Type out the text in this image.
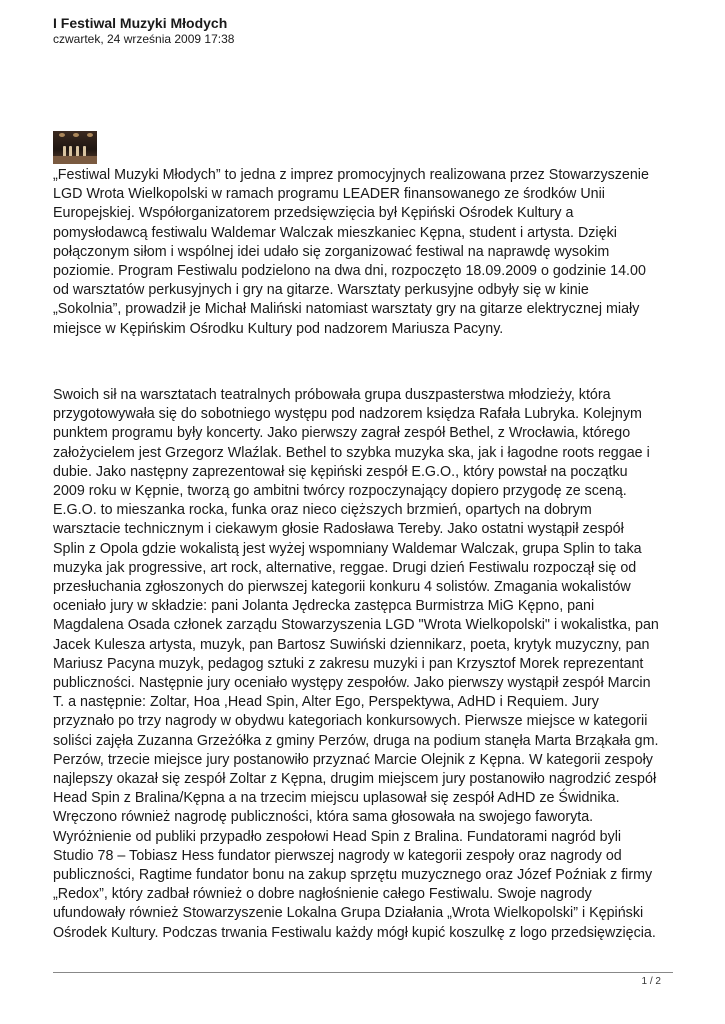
I Festiwal Muzyki Młodych

czwartek, 24 września 2009 17:38

„Festiwal Muzyki Młodych” to jedna z imprez promocyjnych realizowana przez Stowarzyszenie
LGD Wrota Wielkopolski w ramach programu LEADER finansowanego ze środków Unii
Europejskiej. Współorganizatorem przedsięwzięcia był Kępiński Ośrodek Kultury a
pomysłodawcą festiwalu Waldemar Walczak mieszkaniec Kępna, student i artysta. Dzięki
połączonym siłom i wspólnej idei udało się zorganizować festiwal na naprawdę wysokim
poziomie. Program Festiwalu podzielono na dwa dni, rozpoczęto 18.09.2009 o godzinie 14.00
od warsztatów perkusyjnych i gry na gitarze. Warsztaty perkusyjne odbyły się w kinie
„Sokolnia”, prowadził je Michał Maliński natomiast warsztaty gry na gitarze elektrycznej miały
miejsce w Kępińskim Ośrodku Kultury pod nadzorem Mariusza Pacyny.
Swoich sił na warsztatach teatralnych próbowała grupa duszpasterstwa młodzieży, która
przygotowywała się do sobotniego występu pod nadzorem księdza Rafała Lubryka. Kolejnym
punktem programu były koncerty. Jako pierwszy zagrał zespół Bethel, z Wrocławia, którego
założycielem jest Grzegorz Wlaźlak. Bethel to szybka muzyka ska, jak i łagodne roots reggae i
dubie. Jako następny zaprezentował się kępiński zespół E.G.O., który powstał na początku
2009 roku w Kępnie, tworzą go ambitni twórcy rozpoczynający dopiero przygodę ze sceną.
E.G.O. to mieszanka rocka, funka oraz nieco cięższych brzmień, opartych na dobrym
warsztacie technicznym i ciekawym głosie Radosława Tereby. Jako ostatni wystąpił zespół
Splin z Opola gdzie wokalistą jest wyżej wspomniany Waldemar Walczak, grupa Splin to taka
muzyka jak progressive, art rock, alternative, reggae. Drugi dzień Festiwalu rozpoczął się od
przesłuchania zgłoszonych do pierwszej kategorii konkuru 4 solistów. Zmagania wokalistów
oceniało jury w składzie: pani Jolanta Jędrecka zastępca Burmistrza MiG Kępno, pani
Magdalena Osada członek zarządu Stowarzyszenia LGD "Wrota Wielkopolski" i wokalistka, pan
Jacek Kulesza artysta, muzyk, pan Bartosz Suwiński dziennikarz, poeta, krytyk muzyczny, pan
Mariusz Pacyna muzyk, pedagog sztuki z zakresu muzyki i pan Krzysztof Morek reprezentant
publiczności. Następnie jury oceniało występy zespołów. Jako pierwszy wystąpił zespół Marcin
T. a następnie: Zoltar, Hoa ,Head Spin, Alter Ego, Perspektywa, AdHD i Requiem. Jury
przyznało po trzy nagrody w obydwu kategoriach konkursowych. Pierwsze miejsce w kategorii
soliści zajęła Zuzanna Grzeżółka z gminy Perzów, druga na podium stanęła Marta Brząkała gm.
Perzów, trzecie miejsce jury postanowiło przyznać Marcie Olejnik z Kępna. W kategorii zespoły
najlepszy okazał się zespół Zoltar z Kępna, drugim miejscem jury postanowiło nagrodzić zespół
Head Spin z Bralina/Kępna a na trzecim miejscu uplasował się zespół AdHD ze Świdnika.
Wręczono również nagrodę publiczności, która sama głosowała na swojego faworyta.
Wyróżnienie od publiki przypadło zespołowi Head Spin z Bralina. Fundatorami nagród byli
Studio 78 – Tobiasz Hess fundator pierwszej nagrody w kategorii zespoły oraz nagrody od
publiczności, Ragtime fundator bonu na zakup sprzętu muzycznego oraz Józef Poźniak z firmy
„Redox”, który zadbał również o dobre nagłośnienie całego Festiwalu. Swoje nagrody
ufundowały również Stowarzyszenie Lokalna Grupa Działania „Wrota Wielkopolski” i Kępiński
Ośrodek Kultury. Podczas trwania Festiwalu każdy mógł kupić koszulkę z logo przedsięwzięcia.
1 / 2
